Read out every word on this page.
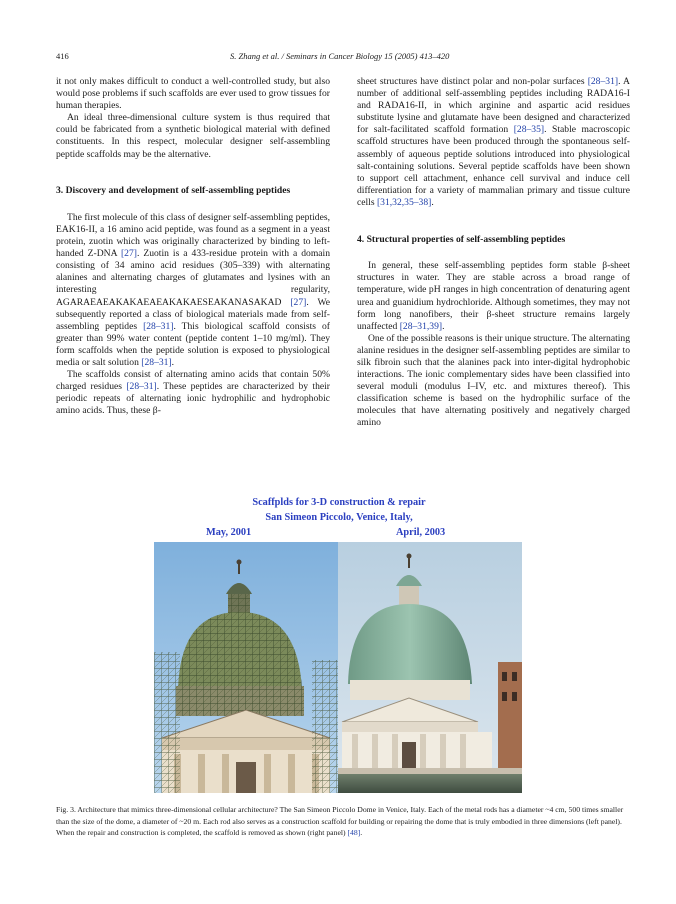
416	S. Zhang et al. / Seminars in Cancer Biology 15 (2005) 413–420

it not only makes difficult to conduct a well-controlled study, but also would pose problems if such scaffolds are ever used to grow tissues for human therapies.

An ideal three-dimensional culture system is thus required that could be fabricated from a synthetic biological material with defined constituents. In this respect, molecular designer self-assembling peptide scaffolds may be the alternative.

3. Discovery and development of self-assembling peptides

The first molecule of this class of designer self-assembling peptides, EAK16-II, a 16 amino acid peptide, was found as a segment in a yeast protein, zuotin which was originally characterized by binding to left-handed Z-DNA [27]. Zuotin is a 433-residue protein with a domain consisting of 34 amino acid residues (305–339) with alternating alanines and alternating charges of glutamates and lysines with an interesting regularity, AGARAEAEAKAKAEAEAKAKAESEAKANASAKAD [27]. We subsequently reported a class of biological materials made from self-assembling peptides [28–31]. This biological scaffold consists of greater than 99% water content (peptide content 1–10 mg/ml). They form scaffolds when the peptide solution is exposed to physiological media or salt solution [28–31].

The scaffolds consist of alternating amino acids that contain 50% charged residues [28–31]. These peptides are characterized by their periodic repeats of alternating ionic hydrophilic and hydrophobic amino acids. Thus, these β-

sheet structures have distinct polar and non-polar surfaces [28–31]. A number of additional self-assembling peptides including RADA16-I and RADA16-II, in which arginine and aspartic acid residues substitute lysine and glutamate have been designed and characterized for salt-facilitated scaffold formation [28–35]. Stable macroscopic scaffold structures have been produced through the spontaneous self-assembly of aqueous peptide solutions introduced into physiological salt-containing solutions. Several peptide scaffolds have been shown to support cell attachment, enhance cell survival and induce cell differentiation for a variety of mammalian primary and tissue culture cells [31,32,35–38].

4. Structural properties of self-assembling peptides

In general, these self-assembling peptides form stable β-sheet structures in water. They are stable across a broad range of temperature, wide pH ranges in high concentration of denaturing agent urea and guanidium hydrochloride. Although sometimes, they may not form long nanofibers, their β-sheet structure remains largely unaffected [28–31,39].

One of the possible reasons is their unique structure. The alternating alanine residues in the designer self-assembling peptides are similar to silk fibroin such that the alanines pack into inter-digital hydrophobic interactions. The ionic complementary sides have been classified into several moduli (modulus I–IV, etc. and mixtures thereof). This classification scheme is based on the hydrophilic surface of the molecules that have alternating positively and negatively charged amino

Scaffplds for 3-D construction & repair
San Simeon Piccolo, Venice, Italy,
May, 2001	April, 2003
Fig. 3. Architecture that mimics three-dimensional cellular architecture? The San Simeon Piccolo Dome in Venice, Italy. Each of the metal rods has a diameter ~4 cm, 500 times smaller than the size of the dome, a diameter of ~20 m. Each rod also serves as a construction scaffold for building or repairing the dome that is truly embodied in three dimensions (left panel). When the repair and construction is completed, the scaffold is removed as shown (right panel) [48].
